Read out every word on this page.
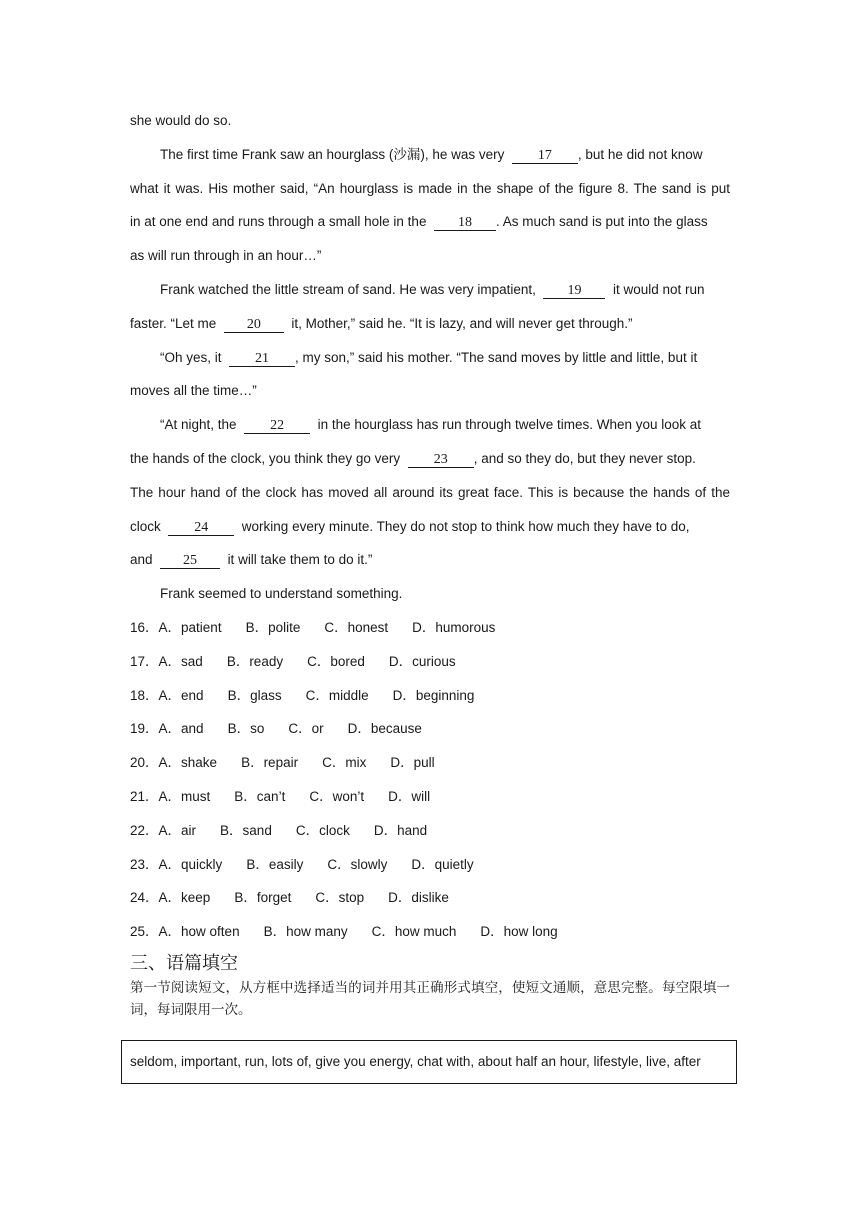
she would do so.
The first time Frank saw an hourglass (沙漏), he was very 17 , but he did not know
what it was. His mother said, “An hourglass is made in the shape of the figure 8. The sand is put
in at one end and runs through a small hole in the 18 . As much sand is put into the glass
as will run through in an hour…”
Frank watched the little stream of sand. He was very impatient, 19 it would not run
faster. “Let me 20 it, Mother,” said he. “It is lazy, and will never get through.”
“Oh yes, it 21 , my son,” said his mother. “The sand moves by little and little, but it
moves all the time…”
“At night, the 22 in the hourglass has run through twelve times. When you look at
the hands of the clock, you think they go very 23 , and so they do, but they never stop.
The hour hand of the clock has moved all around its great face. This is because the hands of the
clock 24 working every minute. They do not stop to think how much they have to do,
and 25 it will take them to do it.”
Frank seemed to understand something.
16．A．patient B．polite C．honest D．humorous
17．A．sad B．ready C．bored D．curious
18．A．end B．glass C．middle D．beginning
19．A．and B．so C．or D．because
20．A．shake B．repair C．mix D．pull
21．A．must B．can’t C．won’t D．will
22．A．air B．sand C．clock D．hand
23．A．quickly B．easily C．slowly D．quietly
24．A．keep B．forget C．stop D．dislike
25．A．how often B．how many C．how much D．how long
三、语篇填空
第一节阅读短文，从方框中选择适当的词并用其正确形式填空，使短文通顺，意思完整。每空限填一词，每词限用一次。
seldom, important, run, lots of, give you energy, chat with, about half an hour, lifestyle, live, after
